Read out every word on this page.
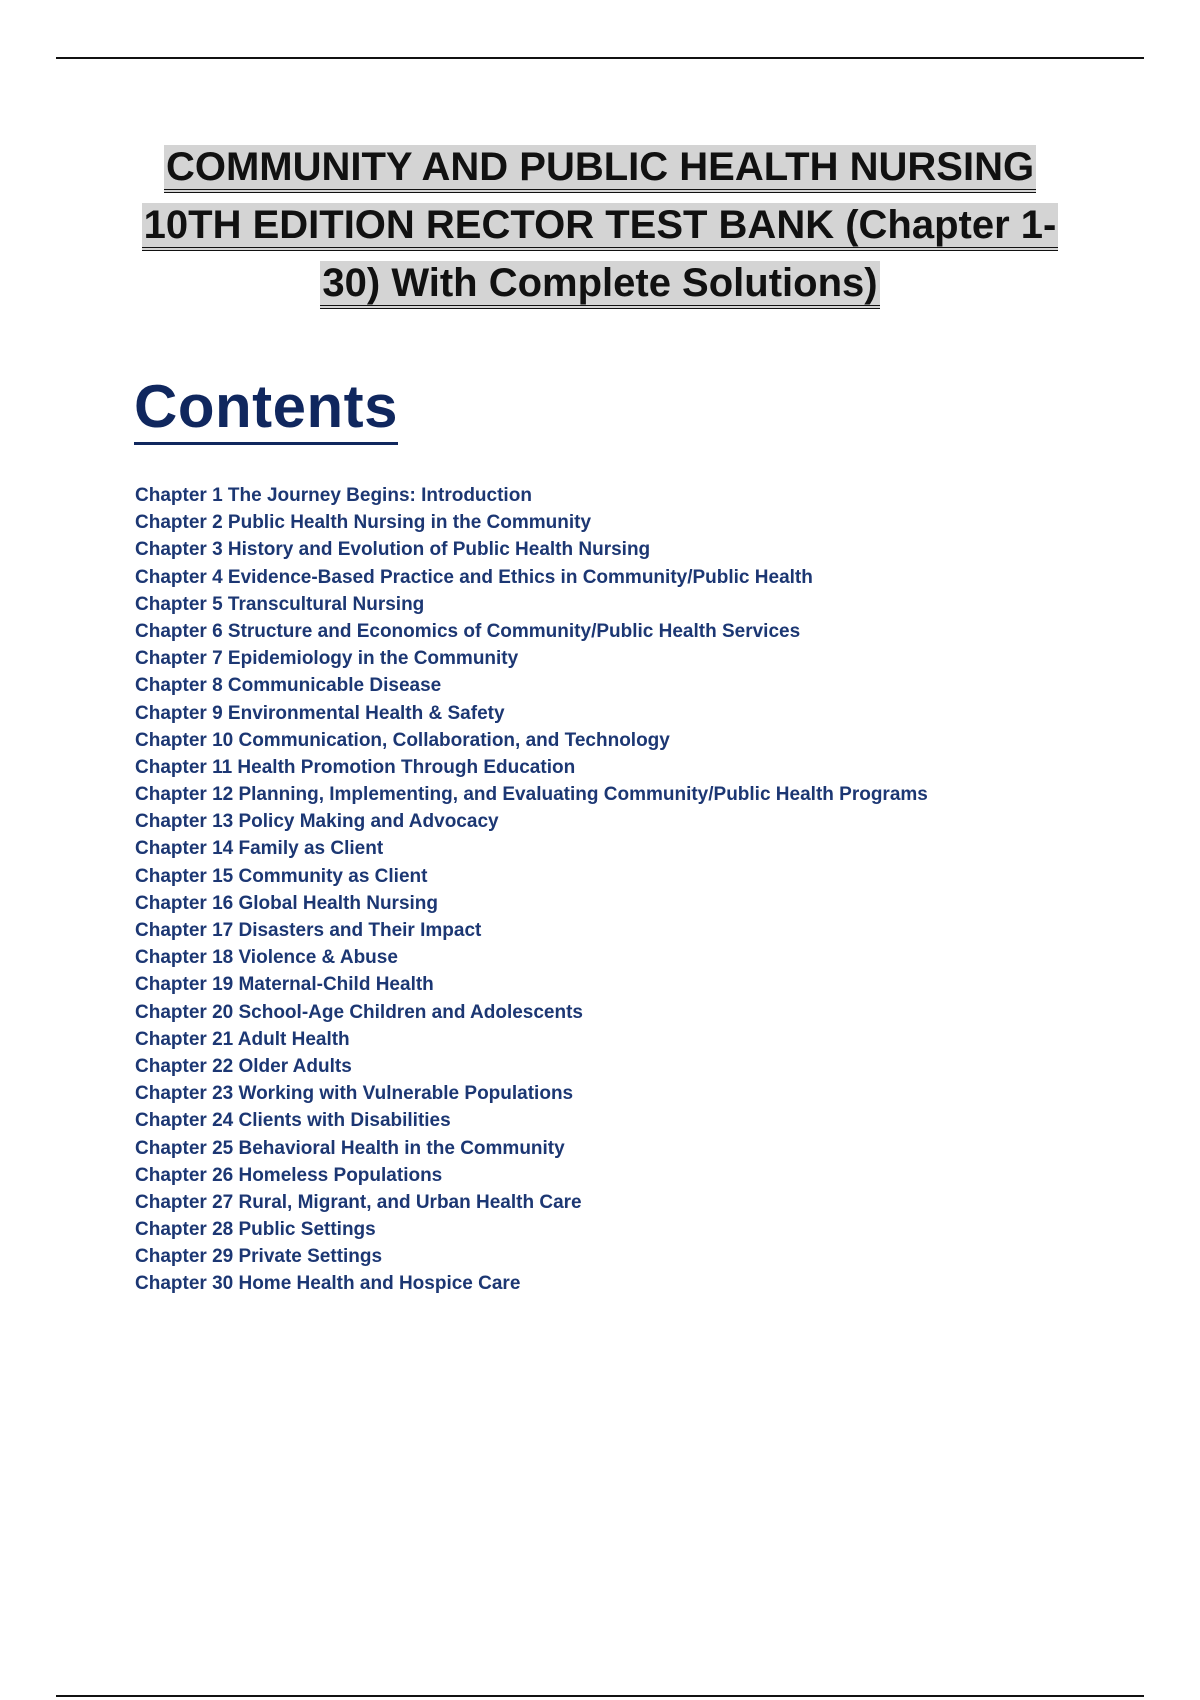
COMMUNITY AND PUBLIC HEALTH NURSING
10TH EDITION RECTOR TEST BANK (Chapter 1-
30) With Complete Solutions)
Contents
Chapter 1 The Journey Begins: Introduction
Chapter 2 Public Health Nursing in the Community
Chapter 3 History and Evolution of Public Health Nursing
Chapter 4 Evidence-Based Practice and Ethics in Community/Public Health
Chapter 5 Transcultural Nursing
Chapter 6 Structure and Economics of Community/Public Health Services
Chapter 7 Epidemiology in the Community
Chapter 8 Communicable Disease
Chapter 9 Environmental Health & Safety
Chapter 10 Communication, Collaboration, and Technology
Chapter 11 Health Promotion Through Education
Chapter 12 Planning, Implementing, and Evaluating Community/Public Health Programs
Chapter 13 Policy Making and Advocacy
Chapter 14 Family as Client
Chapter 15 Community as Client
Chapter 16 Global Health Nursing
Chapter 17 Disasters and Their Impact
Chapter 18 Violence & Abuse
Chapter 19 Maternal-Child Health
Chapter 20 School-Age Children and Adolescents
Chapter 21 Adult Health
Chapter 22 Older Adults
Chapter 23 Working with Vulnerable Populations
Chapter 24 Clients with Disabilities
Chapter 25 Behavioral Health in the Community
Chapter 26 Homeless Populations
Chapter 27 Rural, Migrant, and Urban Health Care
Chapter 28 Public Settings
Chapter 29 Private Settings
Chapter 30 Home Health and Hospice Care
